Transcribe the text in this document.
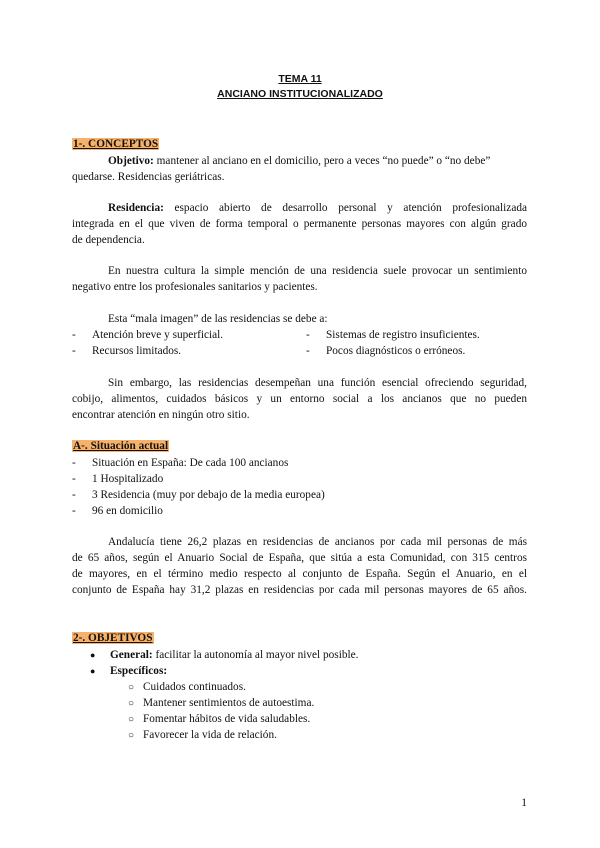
TEMA 11
ANCIANO INSTITUCIONALIZADO
1-. CONCEPTOS
Objetivo: mantener al anciano en el domicilio, pero a veces “no puede” o “no debe”
quedarse. Residencias geriátricas.
Residencia: espacio abierto de desarrollo personal y atención profesionalizada
integrada en el que viven de forma temporal o permanente personas mayores con algún grado
de dependencia.
En nuestra cultura la simple mención de una residencia suele provocar un sentimiento
negativo entre los profesionales sanitarios y pacientes.
Esta “mala imagen” de las residencias se debe a:
- Atención breve y superficial.	- Sistemas de registro insuficientes.
- Recursos limitados.	- Pocos diagnósticos o erróneos.
Sin embargo, las residencias desempeñan una función esencial ofreciendo seguridad,
cobijo, alimentos, cuidados básicos y un entorno social a los ancianos que no pueden
encontrar atención en ningún otro sitio.
A-. Situación actual
- Situación en España: De cada 100 ancianos
- 1 Hospitalizado
- 3 Residencia (muy por debajo de la media europea)
- 96 en domicilio
Andalucía tiene 26,2 plazas en residencias de ancianos por cada mil personas de más
de 65 años, según el Anuario Social de España, que sitúa a esta Comunidad, con 315 centros
de mayores, en el término medio respecto al conjunto de España. Según el Anuario, en el
conjunto de España hay 31,2 plazas en residencias por cada mil personas mayores de 65 años.
2-. OBJETIVOS
● General: facilitar la autonomía al mayor nivel posible.
● Específicos:
○ Cuidados continuados.
○ Mantener sentimientos de autoestima.
○ Fomentar hábitos de vida saludables.
○ Favorecer la vida de relación.
1
